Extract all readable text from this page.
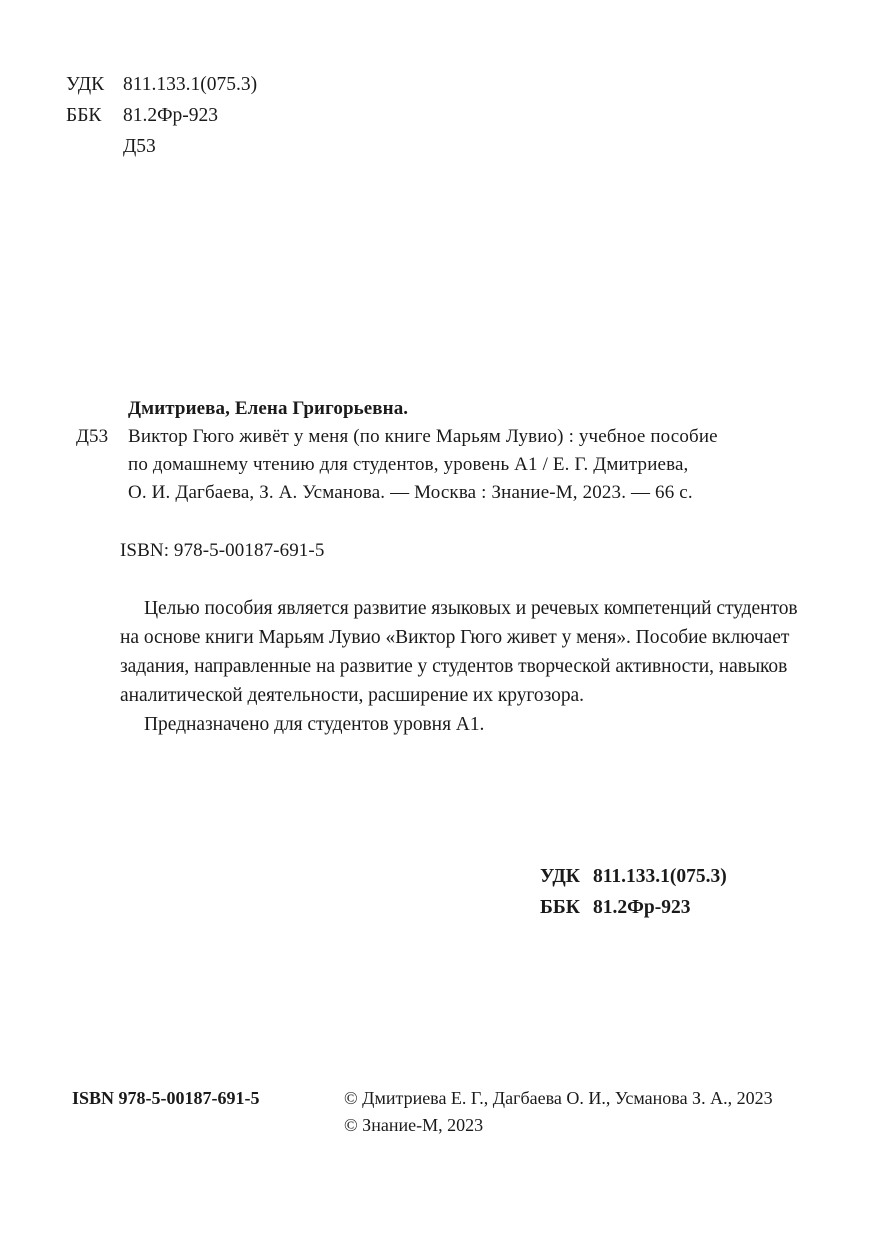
УДК 811.133.1(075.3)
ББК 81.2Фр-923
Д53
Дмитриева, Елена Григорьевна.
Д53 Виктор Гюго живёт у меня (по книге Марьям Лувио) : учебное пособие
по домашнему чтению для студентов, уровень А1 / Е. Г. Дмитриева,
О. И. Дагбаева, З. А. Усманова. — Москва : Знание-М, 2023. — 66 с.
ISBN: 978-5-00187-691-5
Целью пособия является развитие языковых и речевых компетенций студентов
на основе книги Марьям Лувио «Виктор Гюго живет у меня». Пособие включает
задания, направленные на развитие у студентов творческой активности, навыков
аналитической деятельности, расширение их кругозора.
Предназначено для студентов уровня А1.
УДК 811.133.1(075.3)
ББК 81.2Фр-923
ISBN 978-5-00187-691-5	© Дмитриева Е. Г., Дагбаева О. И., Усманова З. А., 2023
© Знание-М, 2023
